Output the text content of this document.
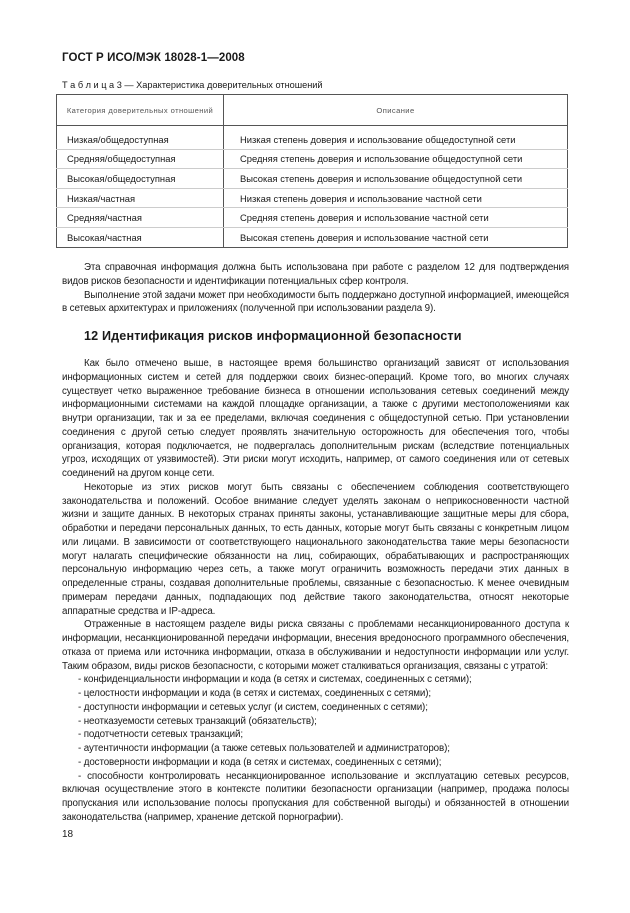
ГОСТ Р ИСО/МЭК 18028-1—2008
Т а б л и ц а 3 — Характеристика доверительных отношений
Категория доверительных отношений	Описание
Низкая/общедоступная	Низкая степень доверия и использование общедоступной сети
Средняя/общедоступная	Средняя степень доверия и использование общедоступной сети
Высокая/общедоступная	Высокая степень доверия и использование общедоступной сети
Низкая/частная	Низкая степень доверия и использование частной сети
Средняя/частная	Средняя степень доверия и использование частной сети
Высокая/частная	Высокая степень доверия и использование частной сети

Эта справочная информация должна быть использована при работе с разделом 12 для подтверждения видов рисков безопасности и идентификации потенциальных сфер контроля.

Выполнение этой задачи может при необходимости быть поддержано доступной информацией, имеющейся в сетевых архитектурах и приложениях (полученной при использовании раздела 9).

12 Идентификация рисков информационной безопасности

Как было отмечено выше, в настоящее время большинство организаций зависят от использования информационных систем и сетей для поддержки своих бизнес-операций. Кроме того, во многих случаях существует четко выраженное требование бизнеса в отношении использования сетевых соединений между информационными системами на каждой площадке организации, а также с другими местоположениями как внутри организации, так и за ее пределами, включая соединения с общедоступной сетью. При установлении соединения с другой сетью следует проявлять значительную осторожность для обеспечения того, чтобы организация, которая подключается, не подвергалась дополнительным рискам (вследствие потенциальных угроз, исходящих от уязвимостей). Эти риски могут исходить, например, от самого соединения или от сетевых соединений на другом конце сети.

Некоторые из этих рисков могут быть связаны с обеспечением соблюдения соответствующего законодательства и положений. Особое внимание следует уделять законам о неприкосновенности частной жизни и защите данных. В некоторых странах приняты законы, устанавливающие защитные меры для сбора, обработки и передачи персональных данных, то есть данных, которые могут быть связаны с конкретным лицом или лицами. В зависимости от соответствующего национального законодательства такие меры безопасности могут налагать специфические обязанности на лиц, собирающих, обрабатывающих и распространяющих персональную информацию через сеть, а также могут ограничить возможность передачи этих данных в определенные страны, создавая дополнительные проблемы, связанные с безопасностью. К менее очевидным примерам передачи данных, подпадающих под действие такого законодательства, относят некоторые аппаратные средства и IP-адреса.

Отраженные в настоящем разделе виды риска связаны с проблемами несанкционированного доступа к информации, несанкционированной передачи информации, внесения вредоносного программного обеспечения, отказа от приема или источника информации, отказа в обслуживании и недоступности информации или услуг. Таким образом, виды рисков безопасности, с которыми может сталкиваться организация, связаны с утратой:

- конфиденциальности информации и кода (в сетях и системах, соединенных с сетями);

- целостности информации и кода (в сетях и системах, соединенных с сетями);

- доступности информации и сетевых услуг (и систем, соединенных с сетями);

- неотказуемости сетевых транзакций (обязательств);

- подотчетности сетевых транзакций;

- аутентичности информации (а также сетевых пользователей и администраторов);

- достоверности информации и кода (в сетях и системах, соединенных с сетями);

- способности контролировать несанкционированное использование и эксплуатацию сетевых ресурсов, включая осуществление этого в контексте политики безопасности организации (например, продажа полосы пропускания или использование полосы пропускания для собственной выгоды) и обязанностей в отношении законодательства (например, хранение детской порнографии).

18
